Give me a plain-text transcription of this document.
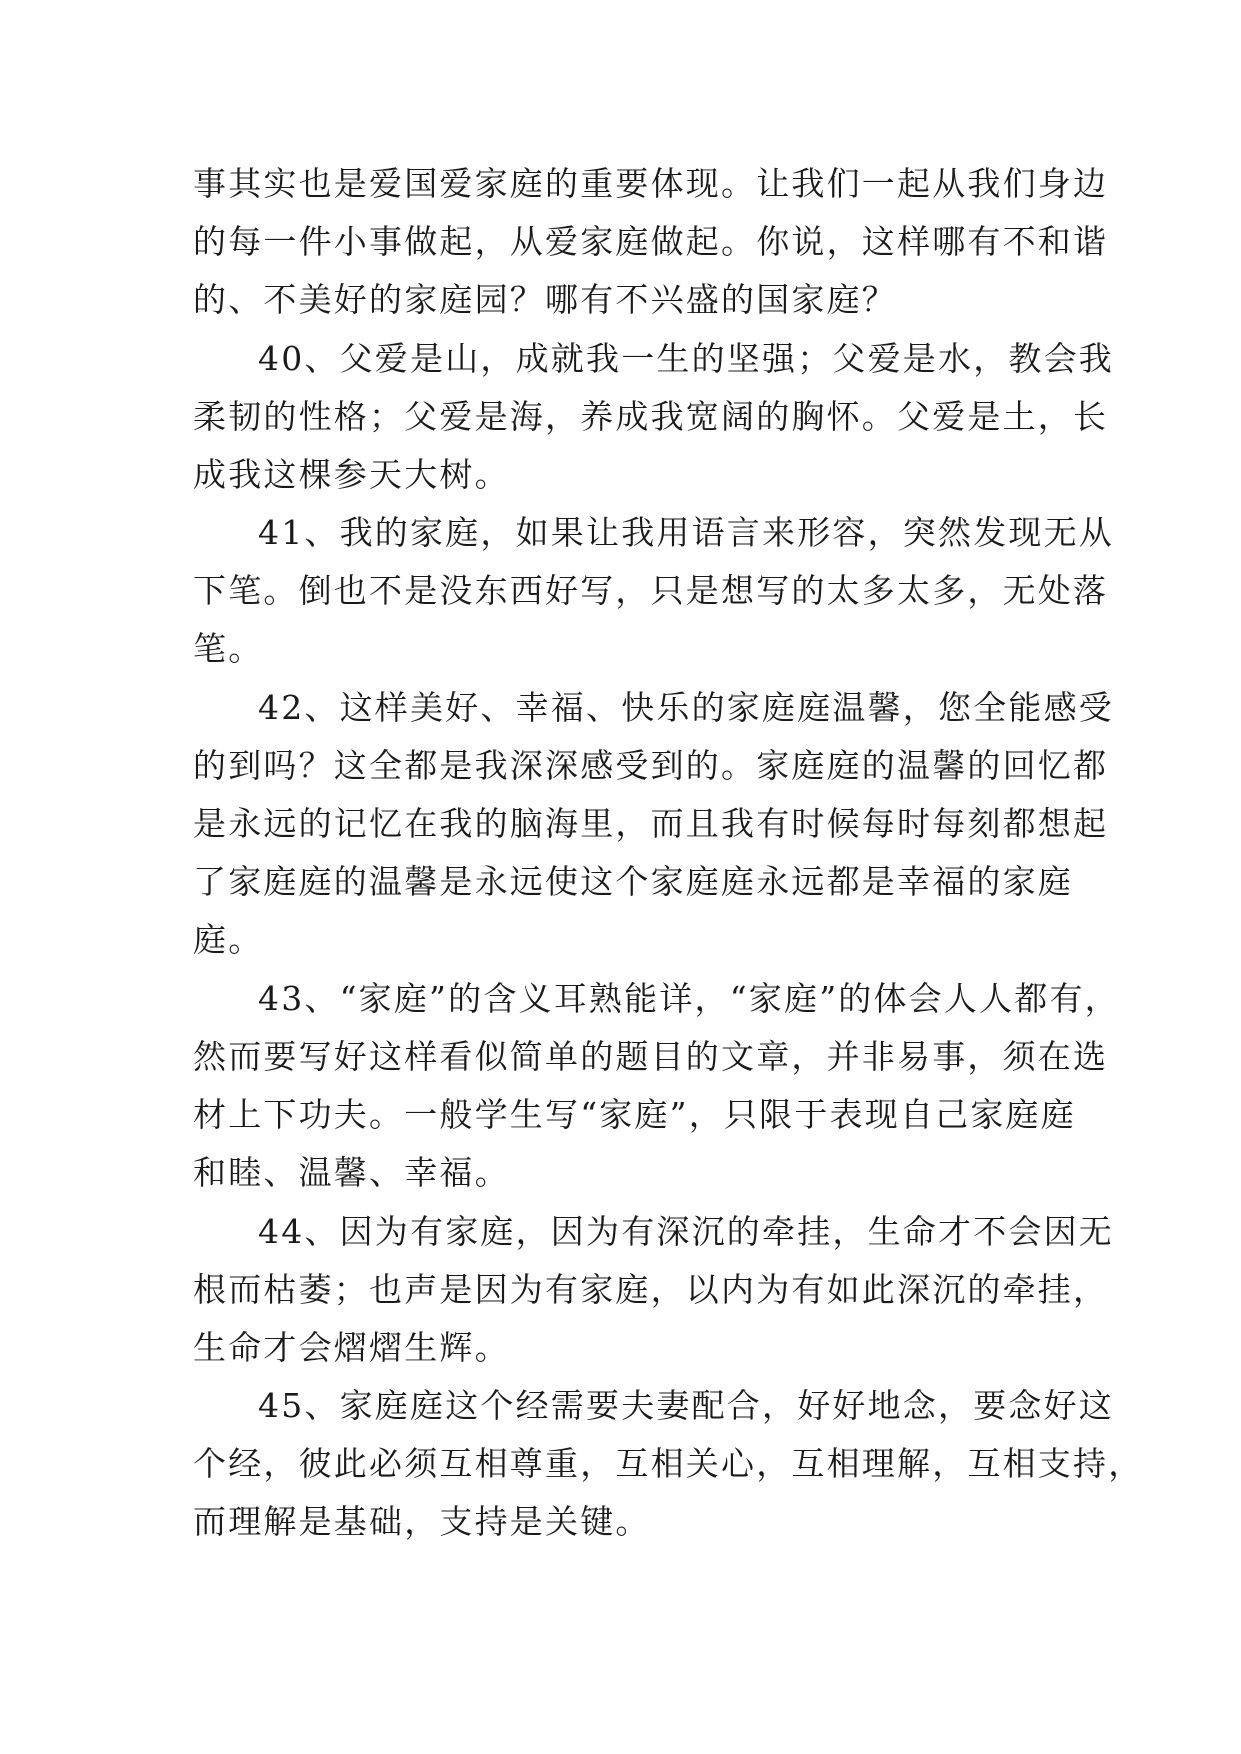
事其实也是爱国爱家庭的重要体现。让我们一起从我们身边
的每一件小事做起，从爱家庭做起。你说，这样哪有不和谐
的、不美好的家庭园？哪有不兴盛的国家庭？
40、父爱是山，成就我一生的坚强；父爱是水，教会我
柔韧的性格；父爱是海，养成我宽阔的胸怀。父爱是土，长
成我这棵参天大树。
41、我的家庭，如果让我用语言来形容，突然发现无从
下笔。倒也不是没东西好写，只是想写的太多太多，无处落
笔。
42、这样美好、幸福、快乐的家庭庭温馨，您全能感受
的到吗？这全都是我深深感受到的。家庭庭的温馨的回忆都
是永远的记忆在我的脑海里，而且我有时候每时每刻都想起
了家庭庭的温馨是永远使这个家庭庭永远都是幸福的家庭
庭。
43、“家庭”的含义耳熟能详，“家庭”的体会人人都有，
然而要写好这样看似简单的题目的文章，并非易事，须在选
材上下功夫。一般学生写“家庭”，只限于表现自己家庭庭
和睦、温馨、幸福。
44、因为有家庭，因为有深沉的牵挂，生命才不会因无
根而枯萎；也声是因为有家庭，以内为有如此深沉的牵挂，
生命才会熠熠生辉。
45、家庭庭这个经需要夫妻配合，好好地念，要念好这
个经，彼此必须互相尊重，互相关心，互相理解，互相支持，
而理解是基础，支持是关键。
